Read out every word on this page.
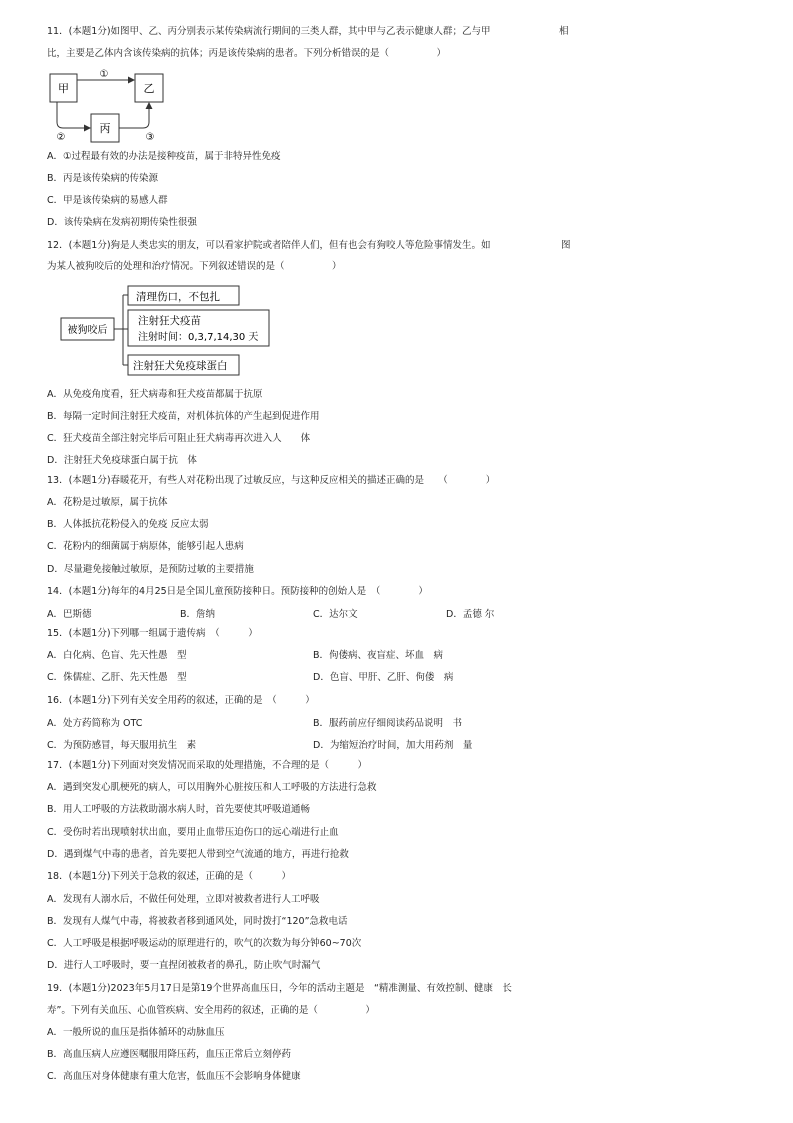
11．(本题1分)如图甲、乙、丙分别表示某传染病流行期间的三类人群，其中甲与乙表示健康人群；乙与甲	相
比，主要是乙体内含该传染病的抗体；丙是该传染病的患者。下列分析错误的是（　　　　　）
甲	乙
丙
①
②	③
A．①过程最有效的办法是接种疫苗，属于非特异性免疫
B．丙是该传染病的传染源
C．甲是该传染病的易感人群
D．该传染病在发病初期传染性很强
12．(本题1分)狗是人类忠实的朋友，可以看家护院或者陪伴人们，但有也会有狗咬人等危险事情发生。如	图
为某人被狗咬后的处理和治疗情况。下列叙述错误的是（　　　　　）
被狗咬后
清理伤口，不包扎
注射狂犬疫苗
注射时间：0,3,7,14,30 天
注射狂犬免疫球蛋白
A．从免疫角度看，狂犬病毒和狂犬疫苗都属于抗原
B．每隔一定时间注射狂犬疫苗，对机体抗体的产生起到促进作用
C．狂犬疫苗全部注射完毕后可阻止狂犬病毒再次进入人　　体
D．注射狂犬免疫球蛋白属于抗　体
13．(本题1分)春暖花开，有些人对花粉出现了过敏反应，与这种反应相关的描述正确的是　　（　　　　）
A．花粉是过敏原，属于抗体
B．人体抵抗花粉侵入的免疫 反应太弱
C．花粉内的细菌属于病原体，能够引起人患病
D．尽量避免接触过敏原，是预防过敏的主要措施
14．(本题1分)每年的4月25日是全国儿童预防接种日。预防接种的创始人是　（　　　　）
A．巴斯德	B．詹纳	C．达尔文	D．孟德 尔
15．(本题1分)下列哪一组属于遗传病　（　　　）
A．白化病、色盲、先天性愚　型	B．佝偻病、夜盲症、坏血　病
C．侏儒症、乙肝、先天性愚　型	D．色盲、甲肝、乙肝、佝偻　病
16．(本题1分)下列有关安全用药的叙述，正确的是　（　　　）
A．处方药简称为 OTC	B．服药前应仔细阅读药品说明　书
C．为预防感冒，每天服用抗生　素	D．为缩短治疗时间，加大用药剂　量
17．(本题1分)下列面对突发情况而采取的处理措施，不合理的是（　　　）
A．遇到突发心肌梗死的病人，可以用胸外心脏按压和人工呼吸的方法进行急救
B．用人工呼吸的方法救助溺水病人时，首先要使其呼吸道通畅
C．受伤时若出现喷射状出血，要用止血带压迫伤口的远心端进行止血
D．遇到煤气中毒的患者，首先要把人带到空气流通的地方，再进行抢救
18．(本题1分)下列关于急救的叙述，正确的是（　　　）
A．发现有人溺水后，不做任何处理，立即对被救者进行人工呼吸
B．发现有人煤气中毒，将被救者移到通风处，同时拨打“120”急救电话
C．人工呼吸是根据呼吸运动的原理进行的，吹气的次数为每分钟60~70次
D．进行人工呼吸时，要一直捏闭被救者的鼻孔，防止吹气时漏气
19．(本题1分)2023年5月17日是第19个世界高血压日，今年的活动主题是　“精准测量、有效控制、健康　长
寿”。下列有关血压、心血管疾病、安全用药的叙述，正确的是（　　　　　）
A．一般所说的血压是指体循环的动脉血压
B．高血压病人应遵医嘱服用降压药，血压正常后立刻停药
C．高血压对身体健康有重大危害，低血压不会影响身体健康
